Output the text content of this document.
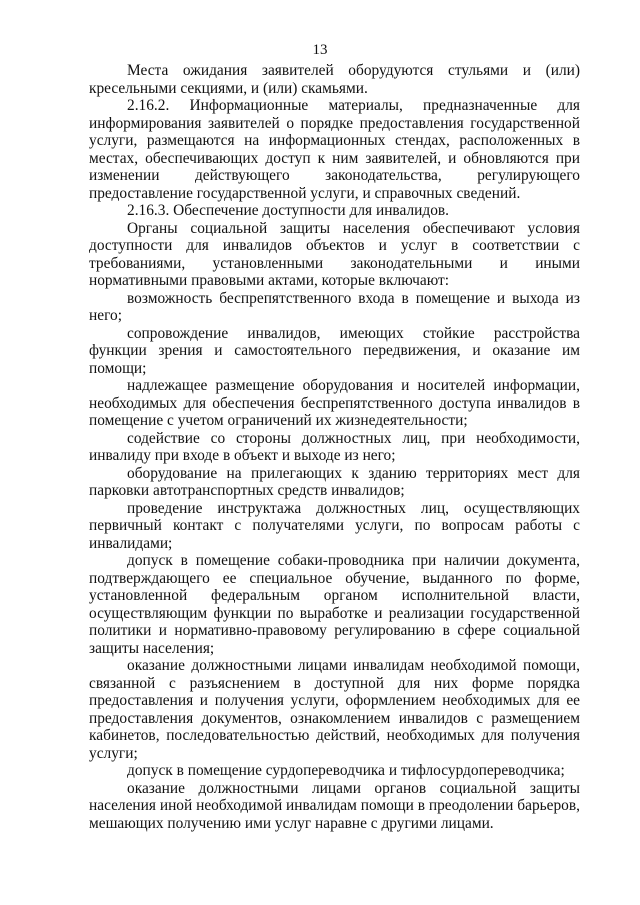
13

Места ожидания заявителей оборудуются стульями и (или) кресельными секциями, и (или) скамьями.

2.16.2. Информационные материалы, предназначенные для информирования заявителей о порядке предоставления государственной услуги, размещаются на информационных стендах, расположенных в местах, обеспечивающих доступ к ним заявителей, и обновляются при изменении действующего законодательства, регулирующего предоставление государственной услуги, и справочных сведений.

2.16.3. Обеспечение доступности для инвалидов.

Органы социальной защиты населения обеспечивают условия доступности для инвалидов объектов и услуг в соответствии с требованиями, установленными законодательными и иными нормативными правовыми актами, которые включают:

возможность беспрепятственного входа в помещение и выхода из него;

сопровождение инвалидов, имеющих стойкие расстройства функции зрения и самостоятельного передвижения, и оказание им помощи;

надлежащее размещение оборудования и носителей информации, необходимых для обеспечения беспрепятственного доступа инвалидов в помещение с учетом ограничений их жизнедеятельности;

содействие со стороны должностных лиц, при необходимости, инвалиду при входе в объект и выходе из него;

оборудование на прилегающих к зданию территориях мест для парковки автотранспортных средств инвалидов;

проведение инструктажа должностных лиц, осуществляющих первичный контакт с получателями услуги, по вопросам работы с инвалидами;

допуск в помещение собаки-проводника при наличии документа, подтверждающего ее специальное обучение, выданного по форме, установленной федеральным органом исполнительной власти, осуществляющим функции по выработке и реализации государственной политики и нормативно-правовому регулированию в сфере социальной защиты населения;

оказание должностными лицами инвалидам необходимой помощи, связанной с разъяснением в доступной для них форме порядка предоставления и получения услуги, оформлением необходимых для ее предоставления документов, ознакомлением инвалидов с размещением кабинетов, последовательностью действий, необходимых для получения услуги;

допуск в помещение сурдопереводчика и тифлосурдопереводчика;

оказание должностными лицами органов социальной защиты населения иной необходимой инвалидам помощи в преодолении барьеров, мешающих получению ими услуг наравне с другими лицами.
